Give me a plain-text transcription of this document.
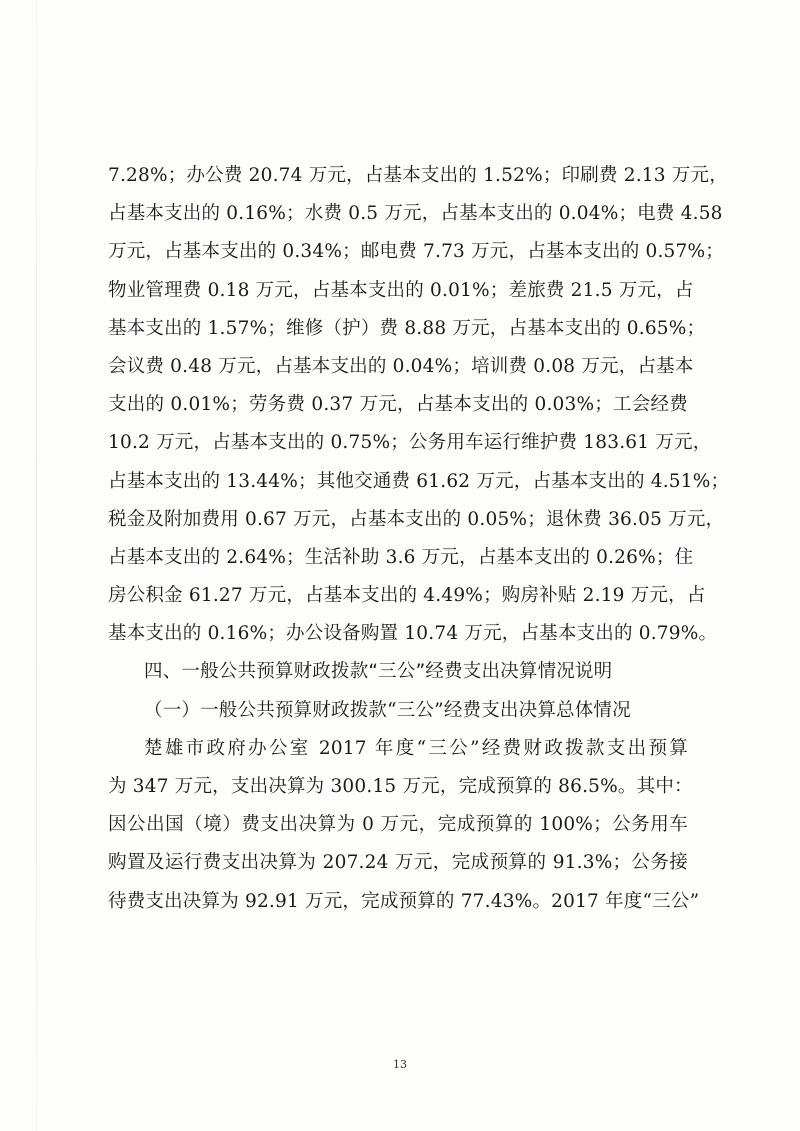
7.28%；办公费 20.74 万元，占基本支出的 1.52%；印刷费 2.13 万元，
占基本支出的 0.16%；水费 0.5 万元，占基本支出的 0.04%；电费 4.58
万元，占基本支出的 0.34%；邮电费 7.73 万元，占基本支出的 0.57%；
物业管理费 0.18 万元，占基本支出的 0.01%；差旅费 21.5 万元，占
基本支出的 1.57%；维修（护）费 8.88 万元，占基本支出的 0.65%；
会议费 0.48 万元，占基本支出的 0.04%；培训费 0.08 万元，占基本
支出的 0.01%；劳务费 0.37 万元，占基本支出的 0.03%；工会经费
10.2 万元，占基本支出的 0.75%；公务用车运行维护费 183.61 万元，
占基本支出的 13.44%；其他交通费 61.62 万元，占基本支出的 4.51%；
税金及附加费用 0.67 万元，占基本支出的 0.05%；退休费 36.05 万元，
占基本支出的 2.64%；生活补助 3.6 万元，占基本支出的 0.26%；住
房公积金 61.27 万元，占基本支出的 4.49%；购房补贴 2.19 万元，占
基本支出的 0.16%；办公设备购置 10.74 万元，占基本支出的 0.79%。
四、一般公共预算财政拨款“三公”经费支出决算情况说明
（一）一般公共预算财政拨款“三公”经费支出决算总体情况
楚雄市政府办公室 2017 年度“三公”经费财政拨款支出预算
为 347 万元，支出决算为 300.15 万元，完成预算的 86.5%。其中：
因公出国（境）费支出决算为 0 万元，完成预算的 100%；公务用车
购置及运行费支出决算为 207.24 万元，完成预算的 91.3%；公务接
待费支出决算为 92.91 万元，完成预算的 77.43%。2017 年度“三公”
13
